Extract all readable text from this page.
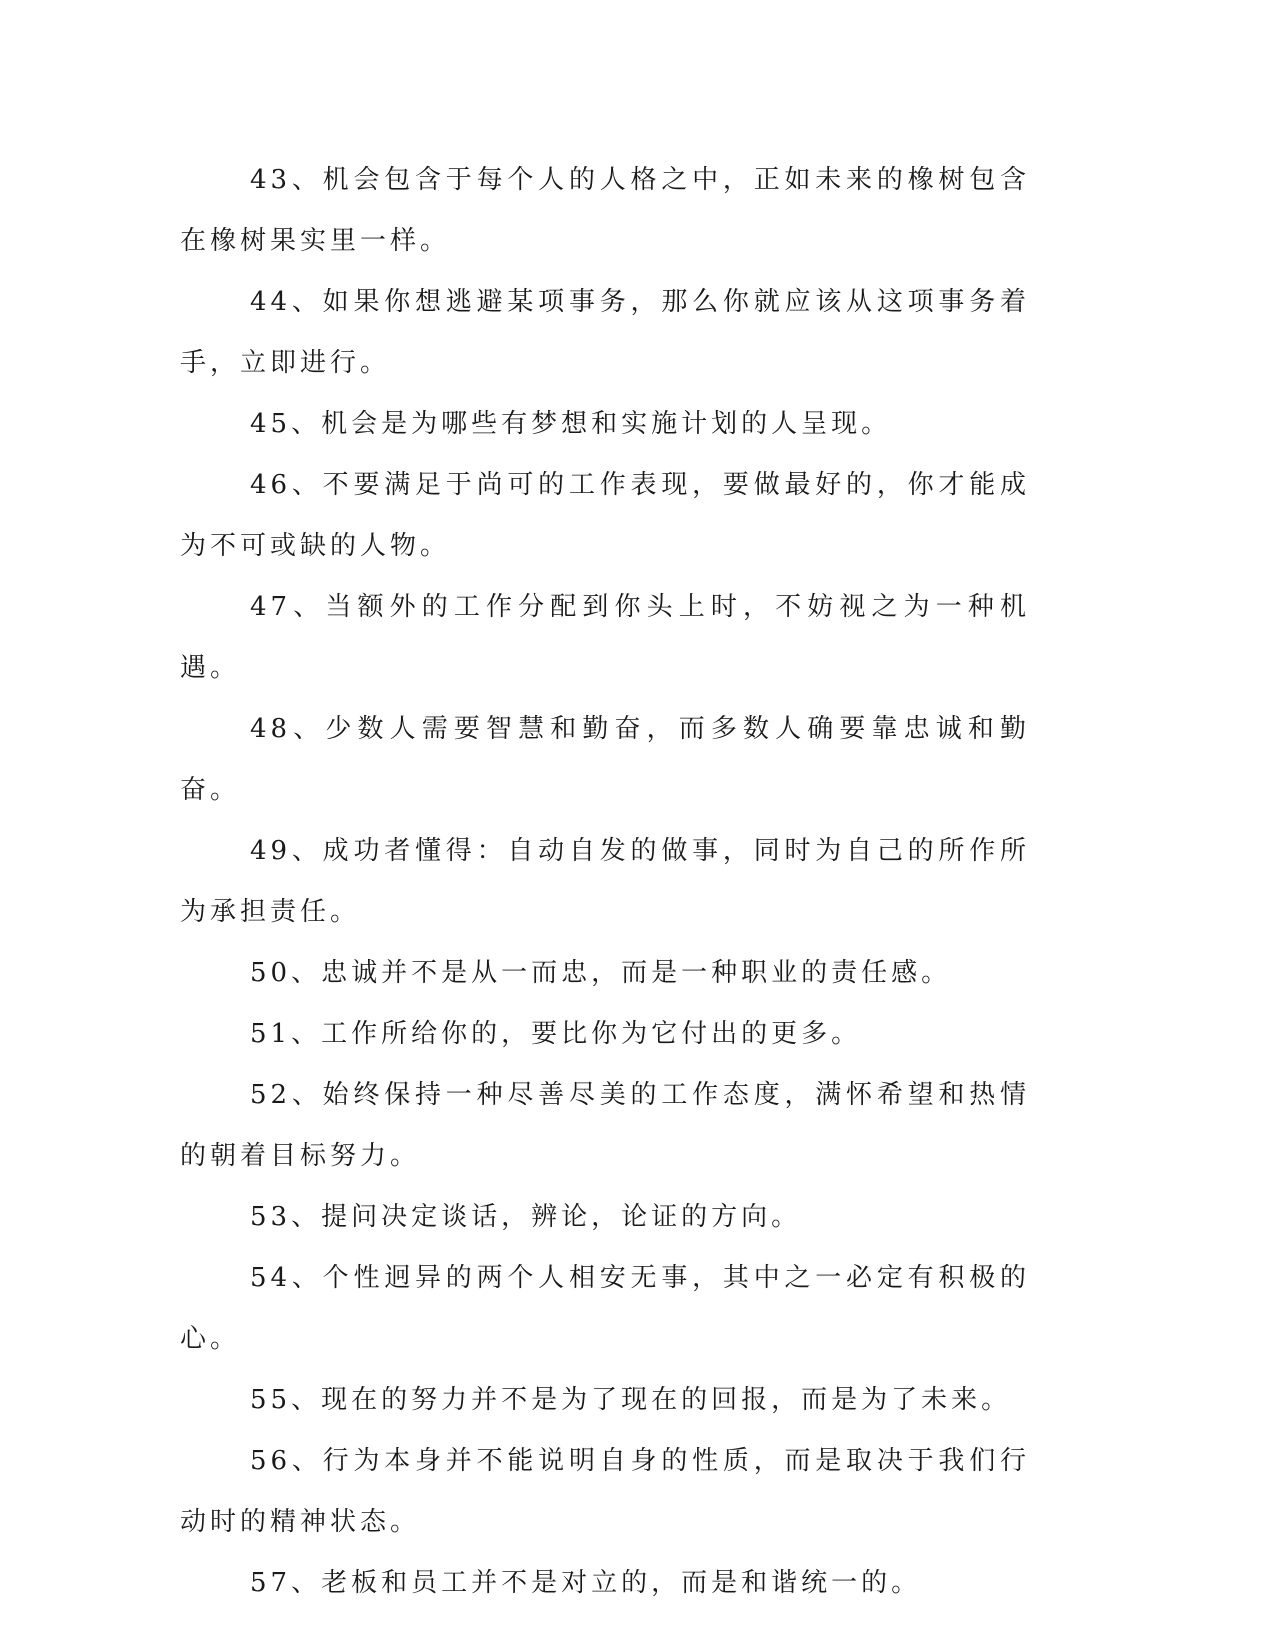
43、机会包含于每个人的人格之中，正如未来的橡树包含在橡树果实里一样。

44、如果你想逃避某项事务，那么你就应该从这项事务着手，立即进行。

45、机会是为哪些有梦想和实施计划的人呈现。

46、不要满足于尚可的工作表现，要做最好的，你才能成为不可或缺的人物。

47、当额外的工作分配到你头上时，不妨视之为一种机遇。

48、少数人需要智慧和勤奋，而多数人确要靠忠诚和勤奋。

49、成功者懂得：自动自发的做事，同时为自己的所作所为承担责任。

50、忠诚并不是从一而忠，而是一种职业的责任感。

51、工作所给你的，要比你为它付出的更多。

52、始终保持一种尽善尽美的工作态度，满怀希望和热情的朝着目标努力。

53、提问决定谈话，辨论，论证的方向。

54、个性迥异的两个人相安无事，其中之一必定有积极的心。

55、现在的努力并不是为了现在的回报，而是为了未来。

56、行为本身并不能说明自身的性质，而是取决于我们行动时的精神状态。

57、老板和员工并不是对立的，而是和谐统一的。
